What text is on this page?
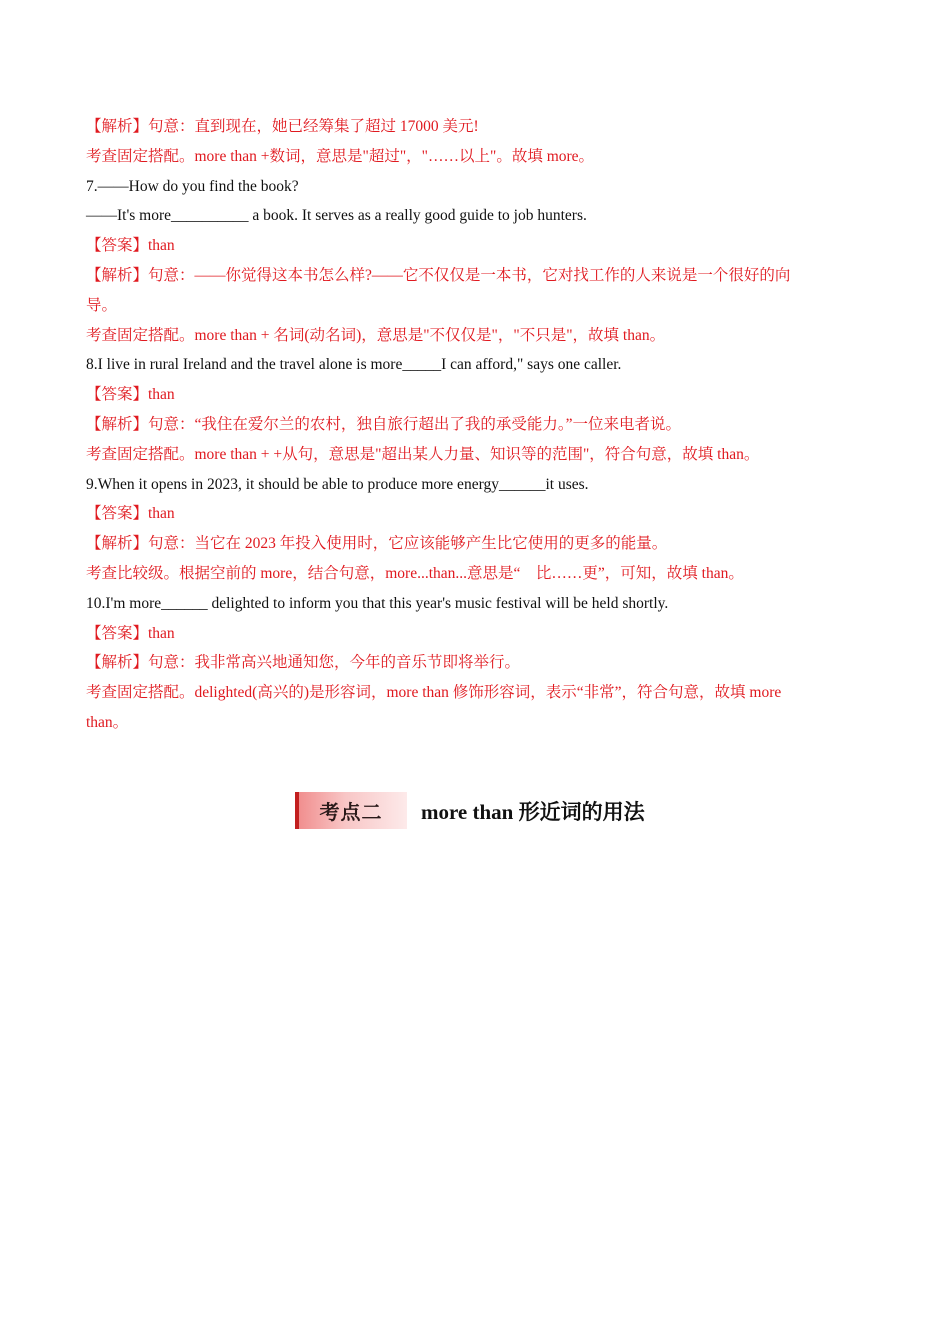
【解析】句意：直到现在，她已经筹集了超过 17000 美元!

考查固定搭配。more than +数词，意思是"超过"，"……以上"。故填 more。

7.——How do you find the book?

——It's more__________ a book. It serves as a really good guide to job hunters.

【答案】than

【解析】句意：——你觉得这本书怎么样?——它不仅仅是一本书，它对找工作的人来说是一个很好的向

导。

考查固定搭配。more than + 名词(动名词)，意思是"不仅仅是"，"不只是"，故填 than。

8.I live in rural Ireland and the travel alone is more_____I can afford," says one caller.

【答案】than

【解析】句意：“我住在爱尔兰的农村，独自旅行超出了我的承受能力。”一位来电者说。

考查固定搭配。more than + +从句，意思是"超出某人力量、知识等的范围"，符合句意，故填 than。

9.When it opens in 2023, it should be able to produce more energy______it uses.

【答案】than

【解析】句意：当它在 2023 年投入使用时，它应该能够产生比它使用的更多的能量。

考查比较级。根据空前的 more，结合句意，more...than...意思是“    比……更”，可知，故填 than。

10.I'm more______ delighted to inform you that this year's music festival will be held shortly.

【答案】than

【解析】句意：我非常高兴地通知您，今年的音乐节即将举行。

考查固定搭配。delighted(高兴的)是形容词，more than 修饰形容词，表示“非常”，符合句意，故填 more

than。

考点二 more than 形近词的用法
